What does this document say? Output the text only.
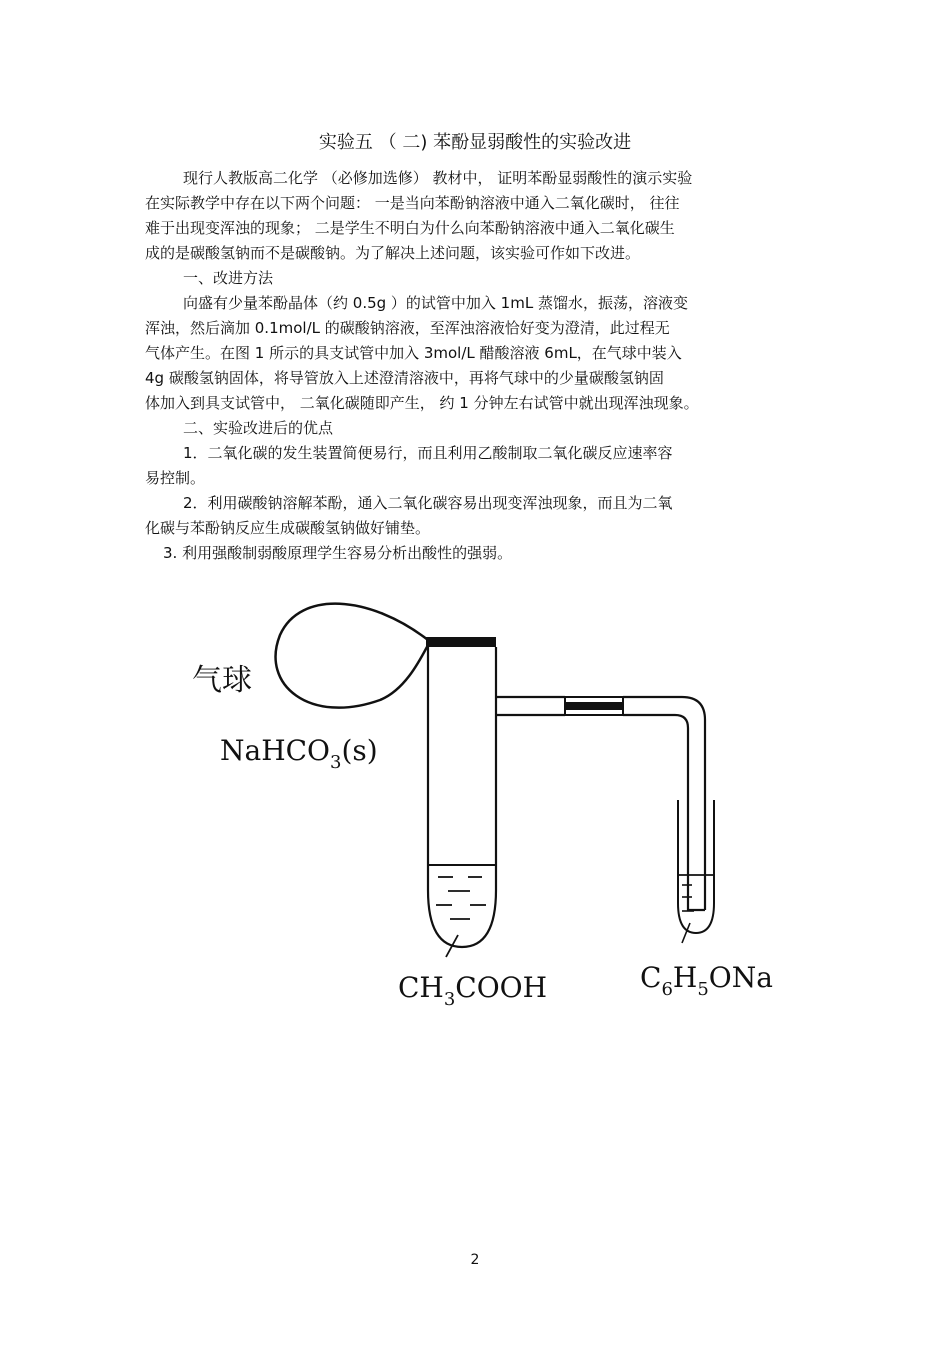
实验五 （ 二) 苯酚显弱酸性的实验改进
现行人教版高二化学 （必修加选修） 教材中， 证明苯酚显弱酸性的演示实验
在实际教学中存在以下两个问题： 一是当向苯酚钠溶液中通入二氧化碳时， 往往
难于出现变浑浊的现象； 二是学生不明白为什么向苯酚钠溶液中通入二氧化碳生
成的是碳酸氢钠而不是碳酸钠。为了解决上述问题，该实验可作如下改进。
一、改进方法
向盛有少量苯酚晶体（约 0.5g ）的试管中加入 1mL 蒸馏水，振荡，溶液变
浑浊，然后滴加 0.1mol/L 的碳酸钠溶液，至浑浊溶液恰好变为澄清，此过程无
气体产生。在图 1 所示的具支试管中加入 3mol/L 醋酸溶液 6mL，在气球中装入
4g 碳酸氢钠固体，将导管放入上述澄清溶液中，再将气球中的少量碳酸氢钠固
体加入到具支试管中， 二氧化碳随即产生， 约 1 分钟左右试管中就出现浑浊现象。
二、实验改进后的优点
1．二氧化碳的发生装置简便易行，而且利用乙酸制取二氧化碳反应速率容
易控制。
2．利用碳酸钠溶解苯酚，通入二氧化碳容易出现变浑浊现象，而且为二氧
化碳与苯酚钠反应生成碳酸氢钠做好铺垫。
3. 利用强酸制弱酸原理学生容易分析出酸性的强弱。
气球
NaHCO$_3$(s)
$CH_3COOH$	$C_6H_5ONa$
2
